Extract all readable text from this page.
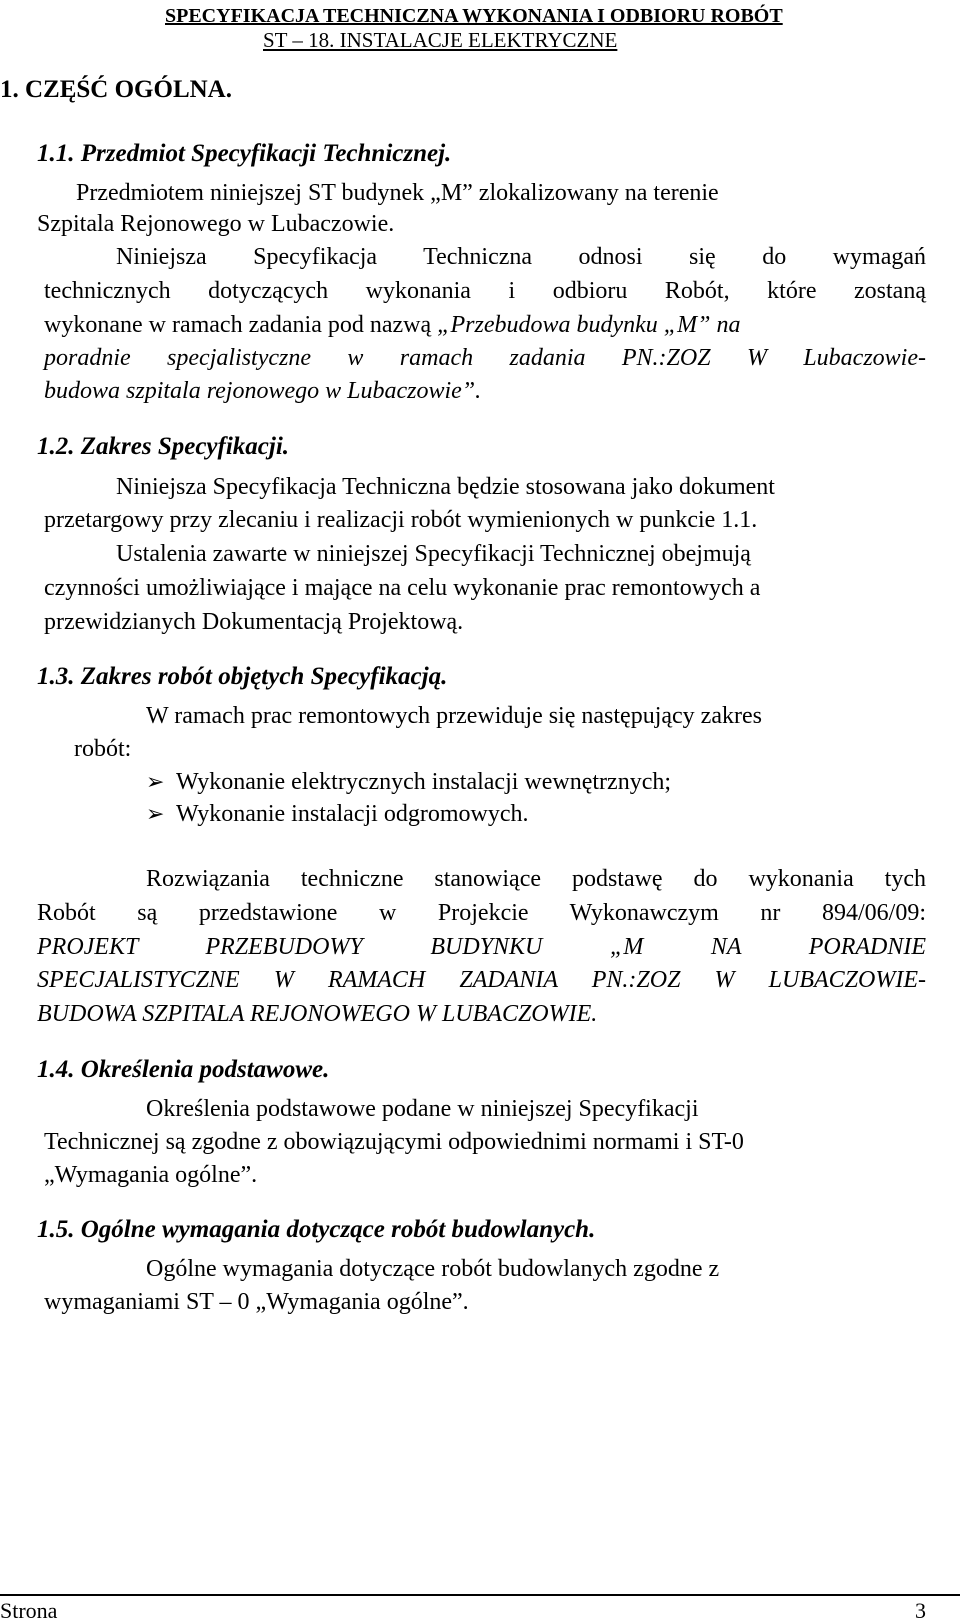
SPECYFIKACJA TECHNICZNA WYKONANIA I ODBIORU ROBÓT
ST – 18. INSTALACJE ELEKTRYCZNE
1. CZĘŚĆ OGÓLNA.
1.1. Przedmiot Specyfikacji Technicznej.
Przedmiotem niniejszej ST budynek „M” zlokalizowany na terenie
Szpitala Rejonowego w Lubaczowie.
Niniejsza Specyfikacja Techniczna odnosi się do wymagań
technicznych dotyczących wykonania i odbioru Robót, które zostaną
wykonane w ramach zadania pod nazwą „Przebudowa budynku „M” na
poradnie specjalistyczne w ramach zadania PN.:ZOZ W Lubaczowie-
budowa szpitala rejonowego w Lubaczowie”.
1.2. Zakres Specyfikacji.
Niniejsza Specyfikacja Techniczna będzie stosowana jako dokument
przetargowy przy zlecaniu i realizacji robót wymienionych w punkcie 1.1.
Ustalenia zawarte w niniejszej Specyfikacji Technicznej obejmują
czynności umożliwiające i mające na celu wykonanie prac remontowych a
przewidzianych Dokumentacją Projektową.
1.3. Zakres robót objętych Specyfikacją.
W ramach prac remontowych przewiduje się następujący zakres
robót:
➢ Wykonanie elektrycznych instalacji wewnętrznych;
➢ Wykonanie instalacji odgromowych.
Rozwiązania techniczne stanowiące podstawę do wykonania tych
Robót są przedstawione w Projekcie Wykonawczym nr 894/06/09:
PROJEKT PRZEBUDOWY BUDYNKU „M NA PORADNIE
SPECJALISTYCZNE W RAMACH ZADANIA PN.:ZOZ W LUBACZOWIE-
BUDOWA SZPITALA REJONOWEGO W LUBACZOWIE.
1.4. Określenia podstawowe.
Określenia podstawowe podane w niniejszej Specyfikacji
Technicznej są zgodne z obowiązującymi odpowiednimi normami i ST-0
„Wymagania ogólne”.
1.5. Ogólne wymagania dotyczące robót budowlanych.
Ogólne wymagania dotyczące robót budowlanych zgodne z
wymaganiami ST – 0 „Wymagania ogólne”.
Strona	3
